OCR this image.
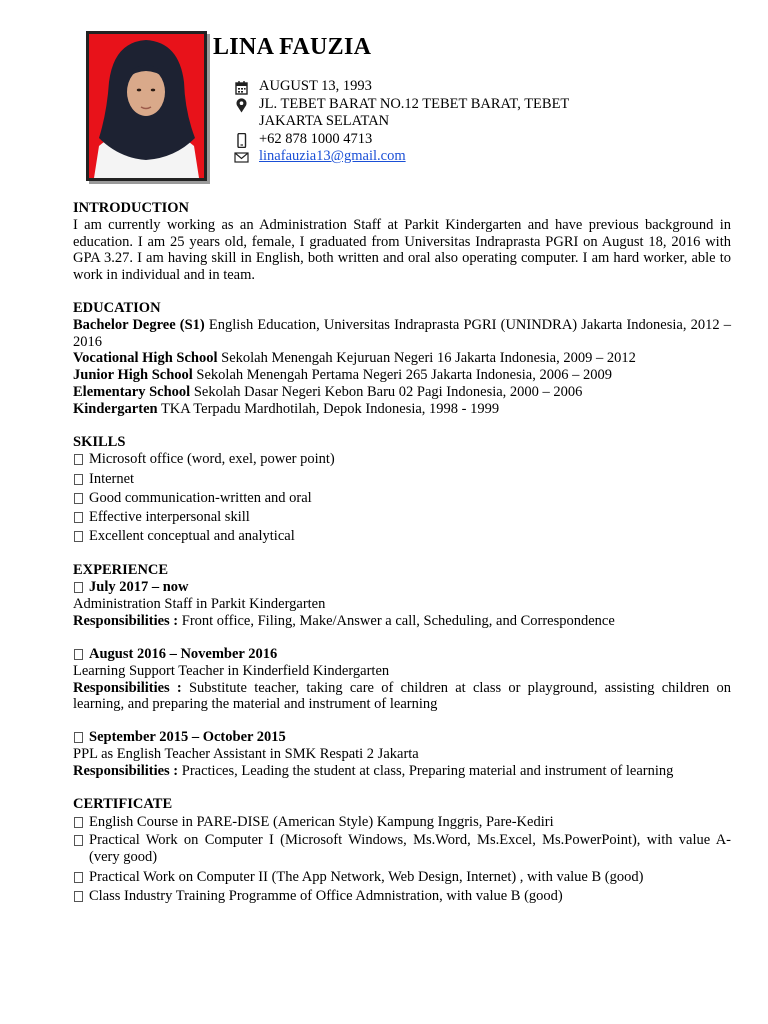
LINA FAUZIA
AUGUST 13, 1993
JL. TEBET BARAT NO.12 TEBET BARAT, TEBET
JAKARTA SELATAN
+62 878 1000 4713
linafauzia13@gmail.com

INTRODUCTION

I am currently working as an Administration Staff at Parkit Kindergarten and have previous background in education. I am 25 years old, female, I graduated from Universitas Indraprasta PGRI on August 18, 2016 with GPA 3.27. I am having skill in English, both written and oral also operating computer. I am hard worker, able to work in individual and in team.

EDUCATION

Bachelor Degree (S1) English Education, Universitas Indraprasta PGRI (UNINDRA) Jakarta Indonesia, 2012 – 2016

Vocational High School Sekolah Menengah Kejuruan Negeri 16 Jakarta Indonesia, 2009 – 2012

Junior High School Sekolah Menengah Pertama Negeri 265 Jakarta Indonesia, 2006 – 2009

Elementary School Sekolah Dasar Negeri Kebon Baru 02 Pagi Indonesia, 2000 – 2006

Kindergarten TKA Terpadu Mardhotilah, Depok Indonesia, 1998 - 1999

SKILLS

Microsoft office (word, exel, power point)

Internet

Good communication-written and oral

Effective interpersonal skill

Excellent conceptual and analytical

EXPERIENCE

July 2017 – now

Administration Staff in Parkit Kindergarten

Responsibilities : Front office, Filing, Make/Answer a call, Scheduling, and Correspondence

August 2016 – November 2016

Learning Support Teacher in Kinderfield Kindergarten

Responsibilities : Substitute teacher, taking care of children at class or playground, assisting children on learning, and preparing the material and instrument of learning

September 2015 – October 2015

PPL as English Teacher Assistant in SMK Respati 2 Jakarta

Responsibilities : Practices, Leading the student at class, Preparing material and instrument of learning

CERTIFICATE

English Course in PARE-DISE (American Style) Kampung Inggris, Pare-Kediri

Practical Work on Computer I (Microsoft Windows, Ms.Word, Ms.Excel, Ms.PowerPoint), with value A- (very good)

Practical Work on Computer II (The App Network, Web Design, Internet) , with value B (good)

Class Industry Training Programme of Office Admnistration, with value B (good)
